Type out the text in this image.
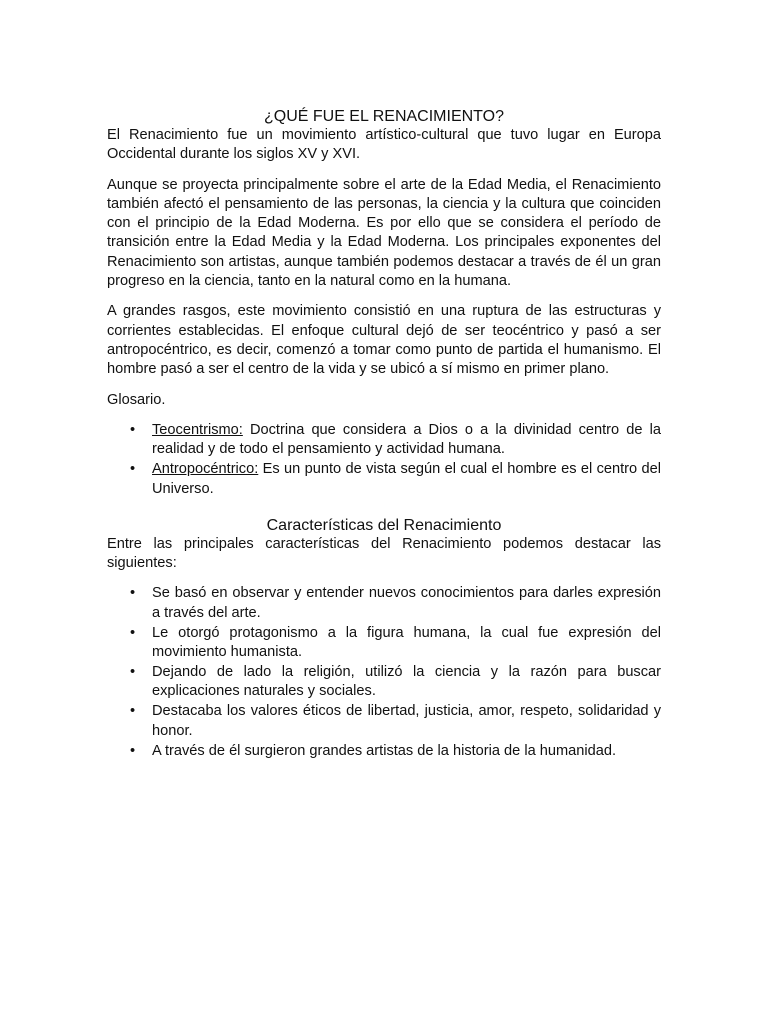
¿QUÉ FUE EL RENACIMIENTO?

El Renacimiento fue un movimiento artístico-cultural que tuvo lugar en Europa Occidental durante los siglos XV y XVI.

Aunque se proyecta principalmente sobre el arte de la Edad Media, el Renacimiento también afectó el pensamiento de las personas, la ciencia y la cultura que coinciden con el principio de la Edad Moderna. Es por ello que se considera el período de transición entre la Edad Media y la Edad Moderna. Los principales exponentes del Renacimiento son artistas, aunque también podemos destacar a través de él un gran progreso en la ciencia, tanto en la natural como en la humana.

A grandes rasgos, este movimiento consistió en una ruptura de las estructuras y corrientes establecidas. El enfoque cultural dejó de ser teocéntrico y pasó a ser antropocéntrico, es decir, comenzó a tomar como punto de partida el humanismo. El hombre pasó a ser el centro de la vida y se ubicó a sí mismo en primer plano.

Glosario.

• Teocentrismo: Doctrina que considera a Dios o a la divinidad centro de la realidad y de todo el pensamiento y actividad humana.
• Antropocéntrico: Es un punto de vista según el cual el hombre es el centro del Universo.
Características del Renacimiento

Entre las principales características del Renacimiento podemos destacar las siguientes:

• Se basó en observar y entender nuevos conocimientos para darles expresión a través del arte.
• Le otorgó protagonismo a la figura humana, la cual fue expresión del movimiento humanista.
• Dejando de lado la religión, utilizó la ciencia y la razón para buscar explicaciones naturales y sociales.
• Destacaba los valores éticos de libertad, justicia, amor, respeto, solidaridad y honor.
• A través de él surgieron grandes artistas de la historia de la humanidad.
